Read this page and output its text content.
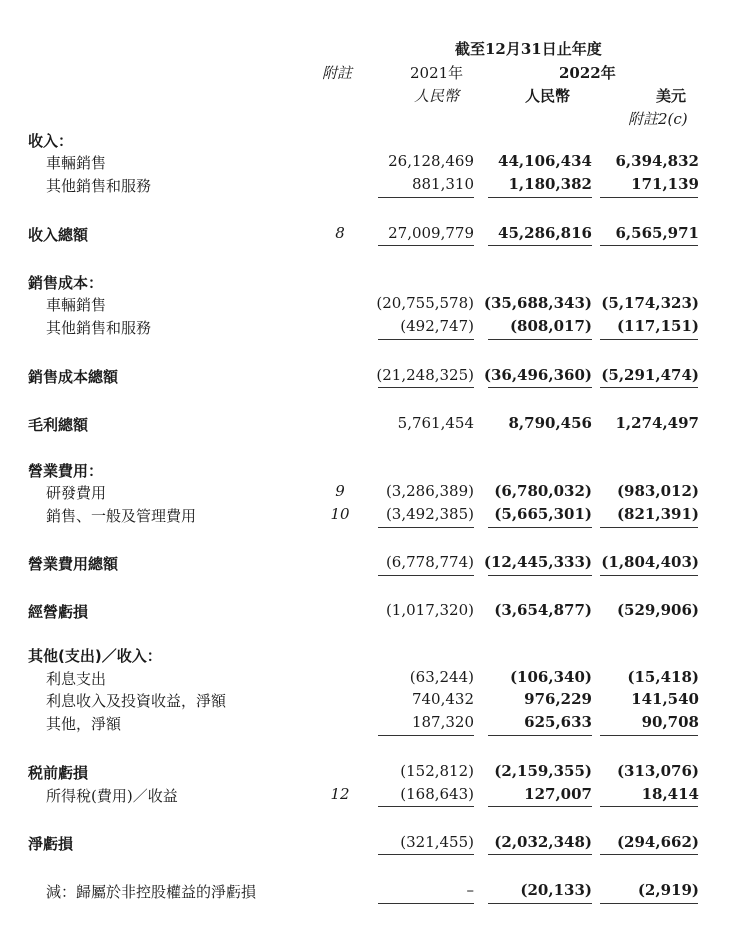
截至12月31日止年度
附註	2021年	2022年
人民幣	人民幣	美元
附註2(c)
收入：
車輛銷售	26,128,469 44,106,434 6,394,832
其他銷售和服務	881,310 1,180,382	171,139
收入總額	8	27,009,779 45,286,816 6,565,971
銷售成本：
車輛銷售	(20,755,578) (35,688,343) (5,174,323)
其他銷售和服務	(492,747) (808,017) (117,151)
銷售成本總額	(21,248,325) (36,496,360) (5,291,474)
毛利總額	5,761,454 8,790,456 1,274,497
營業費用：
研發費用	9	(3,286,389) (6,780,032) (983,012)
銷售、一般及管理費用	10	(3,492,385) (5,665,301) (821,391)
營業費用總額	(6,778,774) (12,445,333) (1,804,403)
經營虧損	(1,017,320) (3,654,877) (529,906)
其他(支出)／收入：
利息支出	(63,244) (106,340) (15,418)
利息收入及投資收益，淨額	740,432	976,229	141,540
其他，淨額	187,320	625,633	90,708
税前虧損	(152,812) (2,159,355) (313,076)
所得稅(費用)／收益	12	(168,643)	127,007	18,414
淨虧損	(321,455) (2,032,348) (294,662)
減：歸屬於非控股權益的淨虧損	–	(20,133)	(2,919)
